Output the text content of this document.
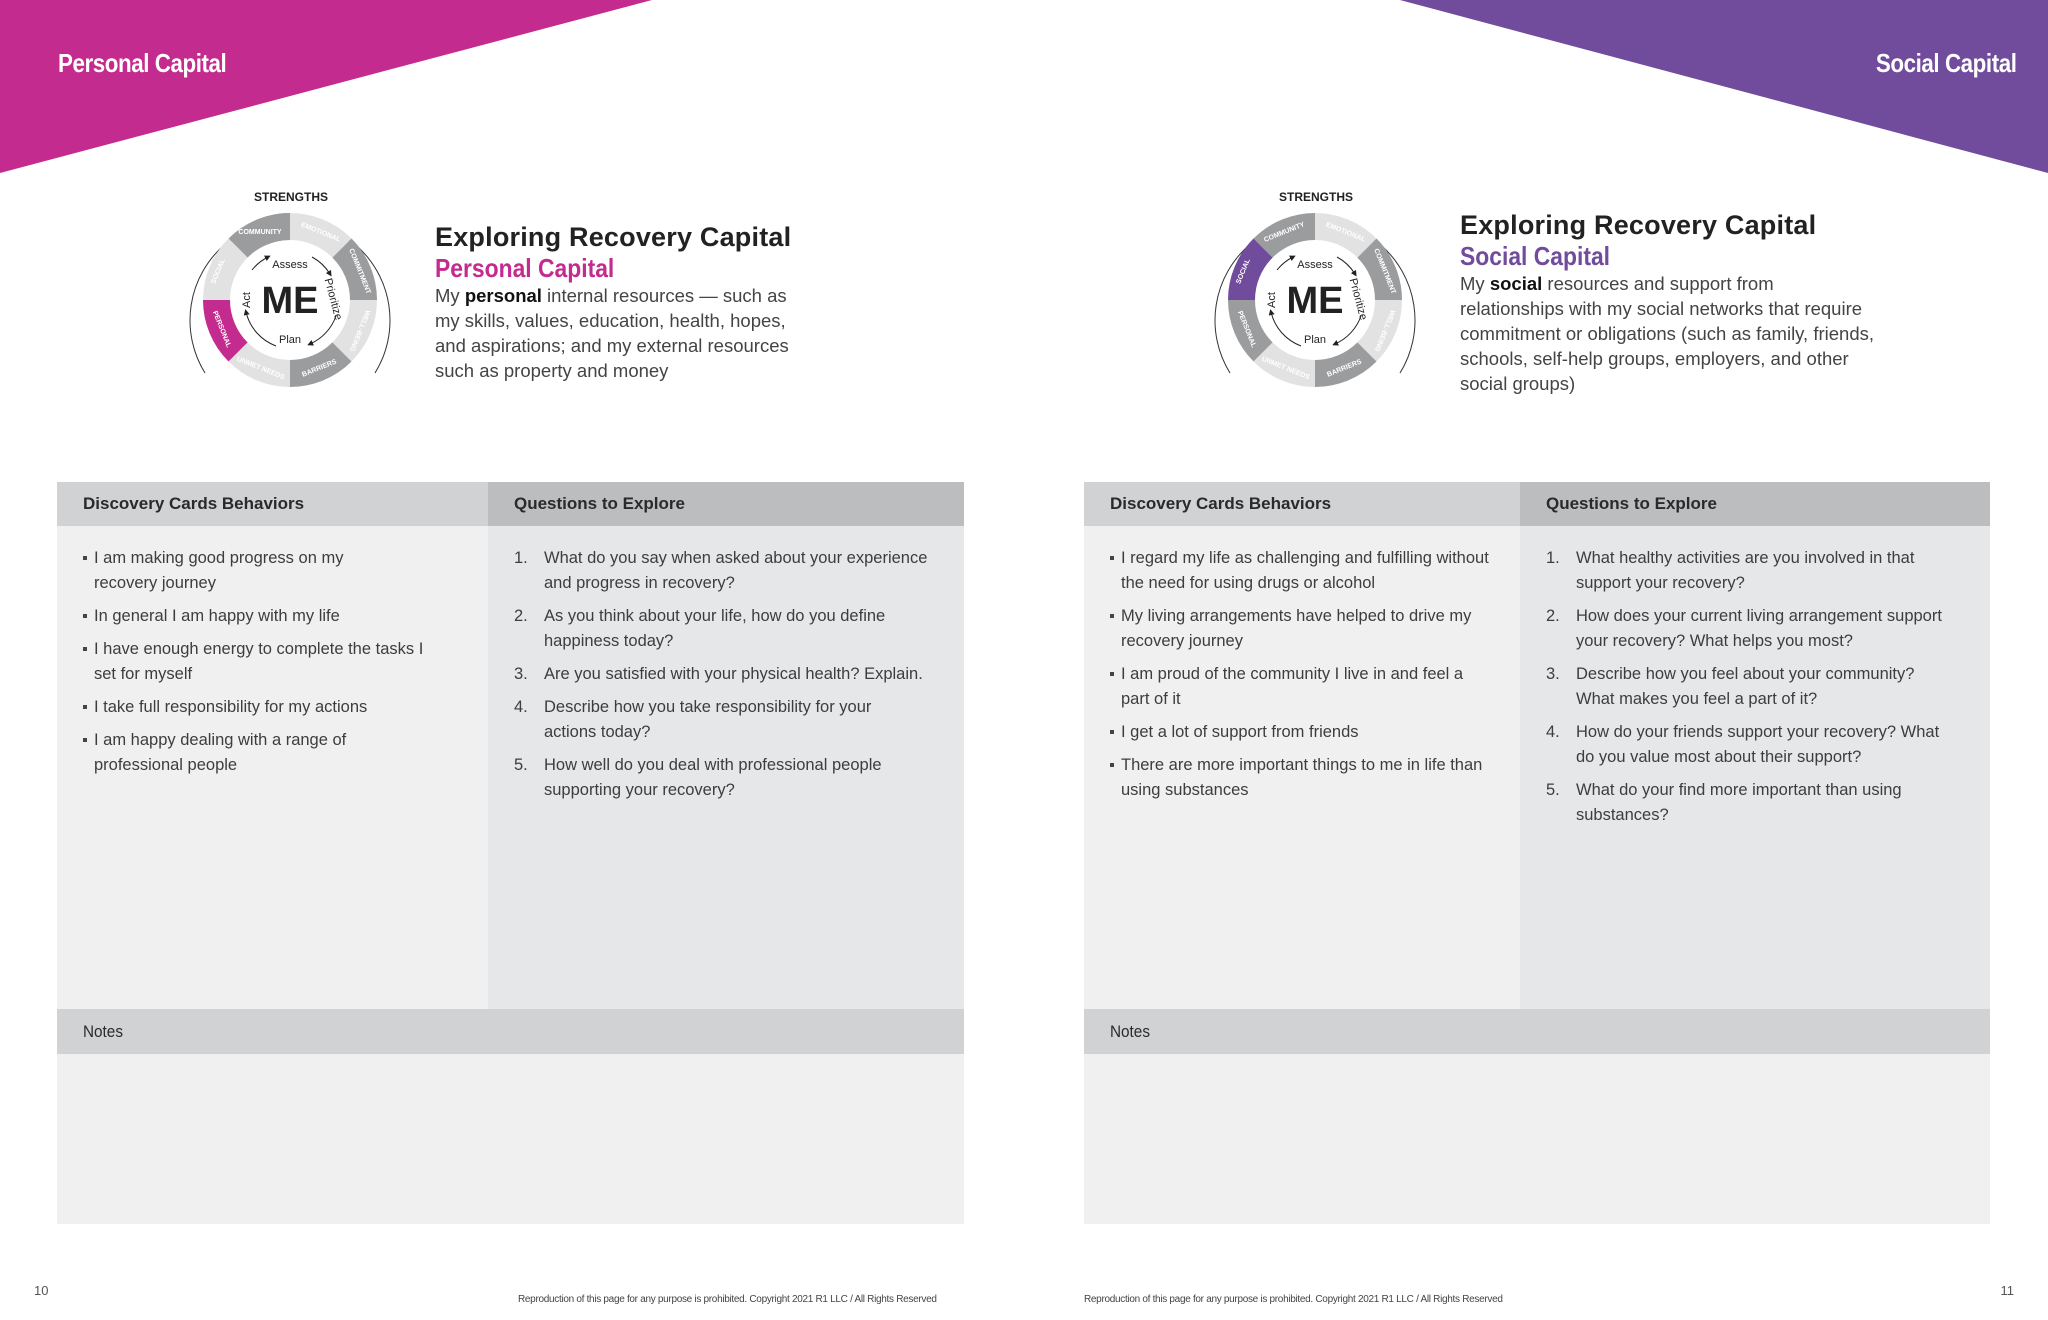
Personal Capital
STRENGTHS
COMMUNITY	EMOTIONAL
COMMITMENT
WELL-BEING
BARRIERS
UNMET NEEDS
PERSONAL
SOCIAL	Assess
Prioritize
Plan
Act ME
Exploring Recovery Capital
Personal Capital
My personal internal resources — such as my skills, values, education, health, hopes, and aspirations; and my external resources such as property and money
Discovery Cards Behaviors
I am making good progress on my recovery journey
In general I am happy with my life
I have enough energy to complete the tasks I set for myself
I take full responsibility for my actions
I am happy dealing with a range of professional people
Questions to Explore
1. What do you say when asked about your experience and progress in recovery?
2. As you think about your life, how do you define happiness today?
3. Are you satisfied with your physical health? Explain.
4. Describe how you take responsibility for your actions today?
5. How well do you deal with professional people supporting your recovery?
Notes
10
Reproduction of this page for any purpose is prohibited. Copyright 2021 R1 LLC / All Rights Reserved
Social Capital
STRENGTHS
COMMUNITY	EMOTIONAL
COMMITMENT
WELL-BEING
BARRIERS
UNMET NEEDS
PERSONAL
SOCIAL	Assess
Prioritize
Plan
Act ME
Exploring Recovery Capital
Social Capital
My social resources and support from relationships with my social networks that require commitment or obligations (such as family, friends, schools, self-help groups, employers, and other social groups)
Discovery Cards Behaviors
I regard my life as challenging and fulfilling without the need for using drugs or alcohol
My living arrangements have helped to drive my recovery journey
I am proud of the community I live in and feel a part of it
I get a lot of support from friends
There are more important things to me in life than using substances
Questions to Explore
1. What healthy activities are you involved in that support your recovery?
2. How does your current living arrangement support your recovery? What helps you most?
3. Describe how you feel about your community? What makes you feel a part of it?
4. How do your friends support your recovery? What do you value most about their support?
5. What do your find more important than using substances?
Notes
11
Reproduction of this page for any purpose is prohibited. Copyright 2021 R1 LLC / All Rights Reserved
